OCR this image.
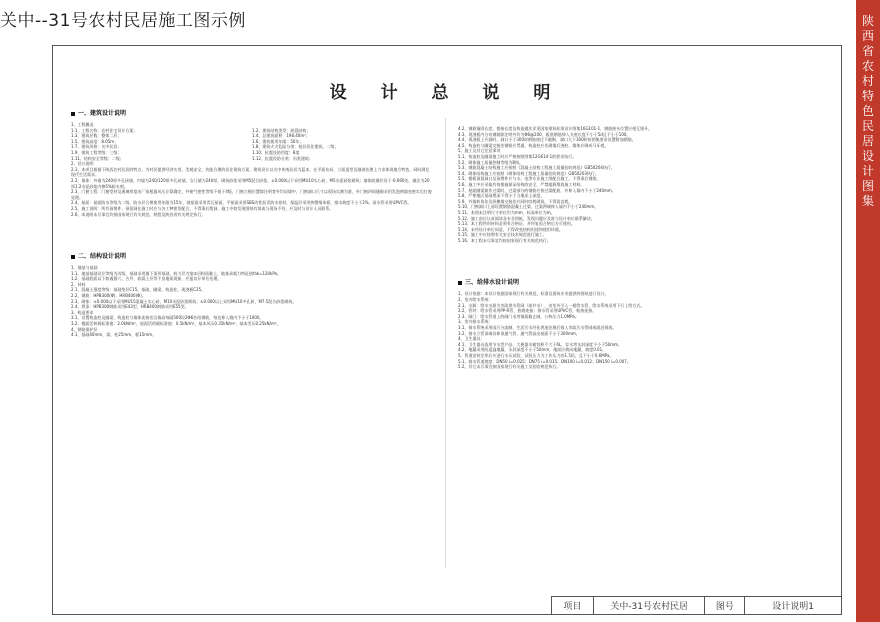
关中--31号农村民居施工图示例	陕
西
省
农
村
特
色
民
居
设
计
图
集
设 计 总 说 明
一、建筑设计说明
1、工程概况
1.1、工程名称：农村住宅设计方案；	1.2、建筑结构类型：砖混结构；
1.3、建筑层数：整体二层；	1.4、总建筑面积：198.40m²；
1.5、建筑高度：8.05m；	1.6、建筑使用年限：50年；
1.7、建筑风格：关中民居；	1.8、建筑火灾危险分类：低层居住建筑，二级；
1.9、建筑工程等级：三级；	1.10、抗震设防烈度：8度
1.11、结构安全等级：二级；	1.12、抗震设防分类：丙类建筑；
2、设计说明
2.1、本项目根据下陕西农村民居的特点，为村民提供经济实用、美观安全、功能合理的居住建筑方案，建筑设计以关中传统民居为蓝本，在平面布局、立面造型及细部处理上力求体现地方特色，同时满足现代生活需求。
2.2、墙体：外墙为240厚多孔砖墙，内墙为240/120厚多孔砖墙，女儿墙为240厚，砌筑砂浆采用M5混合砂浆，±0.000以下采用MU10实心砖，M5水泥砂浆砌筑；墙体防潮层设于-0.060处，做法为20厚1:2水泥砂浆内掺5%防水剂。
2.3、门窗工程：门窗型材及玻璃厚度由厂家根据风压计算确定，外窗气密性等级不低于4级，门窗立樘位置除注明者外均居墙中，门窗洞口尺寸以现场实测为准，外门窗四周缝隙采用发泡剂填充密实后打胶处理。
2.4、屋面：屋面防水等级为二级，防水层合理使用年限为15年，坡屋面采用青瓦屋面，平屋面采用SBS改性沥青防水卷材，保温层采用挤塑聚苯板，排水坡度不小于2%，雨水管采用UPVC管。
2.5、施工说明：所有预埋件、预留洞在施工时应与各工种密切配合，不得事后凿洞，施工中如发现图纸有误或与现场不符，应及时与设计人员联系。
2.6、本说明未尽事宜均按国家现行有关规范、规程及陕西省有关规定执行。
二、结构设计说明
1、地基与基础
1.1、地基基础设计等级为丙级，基础采用墙下条形基础，持力层为第②层粉质黏土，地基承载力特征值fak=120kPa。
1.2、基础底面以下如遇墓穴、古井、软弱土层等不良地质现象，应报设计单位处理。
2、材料
2.1、混凝土强度等级：基础垫层C15，基础、圈梁、构造柱、现浇板C25。
2.2、钢筋：HPB300(Φ)，HRB400(Φ)。
2.3、砌体：±0.000以下采用MU15混凝土实心砖，M10水泥砂浆砌筑；±0.000以上采用MU10多孔砖，M7.5混合砂浆砌筑。
2.4、焊条：HPB300钢筋采用E43型，HRB400钢筋采用E55型。
3、构造要求
3.1、设置构造柱及圈梁，构造柱与墙体连接处沿墙高每隔500设2Φ6拉结钢筋，每边伸入墙内不小于1000。
3.2、楼面活荷载标准值：2.0kN/m²，屋面活荷载标准值：0.5kN/m²，基本风压0.35kN/m²，基本雪压0.25kN/m²。
4、钢筋保护层
4.1、基础40mm，梁、柱25mm，板15mm。
4.2、钢筋锚固长度、搭接长度及构造做法详见国家建筑标准设计图集16G101-1，钢筋接头位置应相互错开。
4.3、现浇板内分布钢筋除注明外均为Φ6@200，板底钢筋伸入支座长度不小于5d且不小于100。
4.4、现浇板上开洞时，洞口小于300时钢筋绕过不截断，洞口大于300时按图集要求设置附加钢筋。
4.5、构造柱与圈梁交接处钢筋应贯通，构造柱应先砌墙后浇柱，墙体应砌成马牙槎。
5、施工及其它注意事项
5.1、构造柱及圈梁施工时应严格按照图集12G614-1的要求执行。
5.2、砌体施工质量控制等级为B级。
5.3、钢筋混凝土结构施工应按照《混凝土结构工程施工质量验收规范》GB50204执行。
5.4、砌体结构施工应按照《砌体结构工程施工质量验收规范》GB50203执行。
5.5、楼板预留洞口及预埋件应与水、电等专业施工图配合施工，不得事后剔凿。
5.6、施工中应采取有效措施保证结构的安全，严禁超载堆放施工材料。
5.7、屋面圈梁兼作过梁时，过梁部分的钢筋应按过梁配筋，并伸入墙内不小于240mm。
5.8、严寒地区基础埋深不得小于当地冻土深度。
5.9、外墙转角处及纵横墙交接处应同时咬槎砌筑，不得留直槎。
5.10、门窗洞口上部设置钢筋混凝土过梁，过梁两端伸入墙内不小于240mm。
5.11、本图未注明尺寸单位均为mm，标高单位为m。
5.12、施工前应认真阅读各专业图纸，发现问题应及时与设计单位联系解决。
5.13、本工程所用材料必须有合格证，并经复验合格后方可使用。
5.14、未经设计单位同意，不得改变结构用途和使用环境。
5.15、施工中应按照有关安全技术规范进行施工。
5.16、本工程未尽事宜均按国家现行有关规范执行。
三、给排水设计说明
1、设计依据：本设计依据国家现行有关规范、标准及建筑专业提供的图纸进行设计。
2、室内给水系统：
2.1、水源：给水水源为市政供水管网（或井水），由室外引入一根给水管，给水系统采用下行上给方式。
2.2、管材：给水管采用PP-R管，热熔连接；排水管采用UPVC管，粘接连接。
2.3、阀门：给水管道上的阀门采用铜质截止阀，公称压力1.0MPa。
3、室内排水系统：
3.1、排水系统采用雨污分流制，生活污水经化粪池处理后排入市政污水管网或就近排放。
3.2、排水立管顶端设伸顶通气管，通气管高出屋面不小于300mm。
4、卫生器具：
4.1、卫生器具选用节水型产品，大便器水箱容积不大于6L，存水弯水封深度不小于50mm。
4.2、地漏采用防返溢地漏，水封深度不小于50mm，地面应坡向地漏，坡度0.01。
5、管道安装完毕后应进行水压试验，试验压力为工作压力的1.5倍，且不小于0.6MPa。
5.1、排水管道坡度：DN50 i=0.025；DN75 i=0.015；DN100 i=0.012；DN150 i=0.007。
5.2、其它未尽事宜按国家现行有关施工及验收规范执行。
项目	关中-31号农村民居	图号	设计说明1
